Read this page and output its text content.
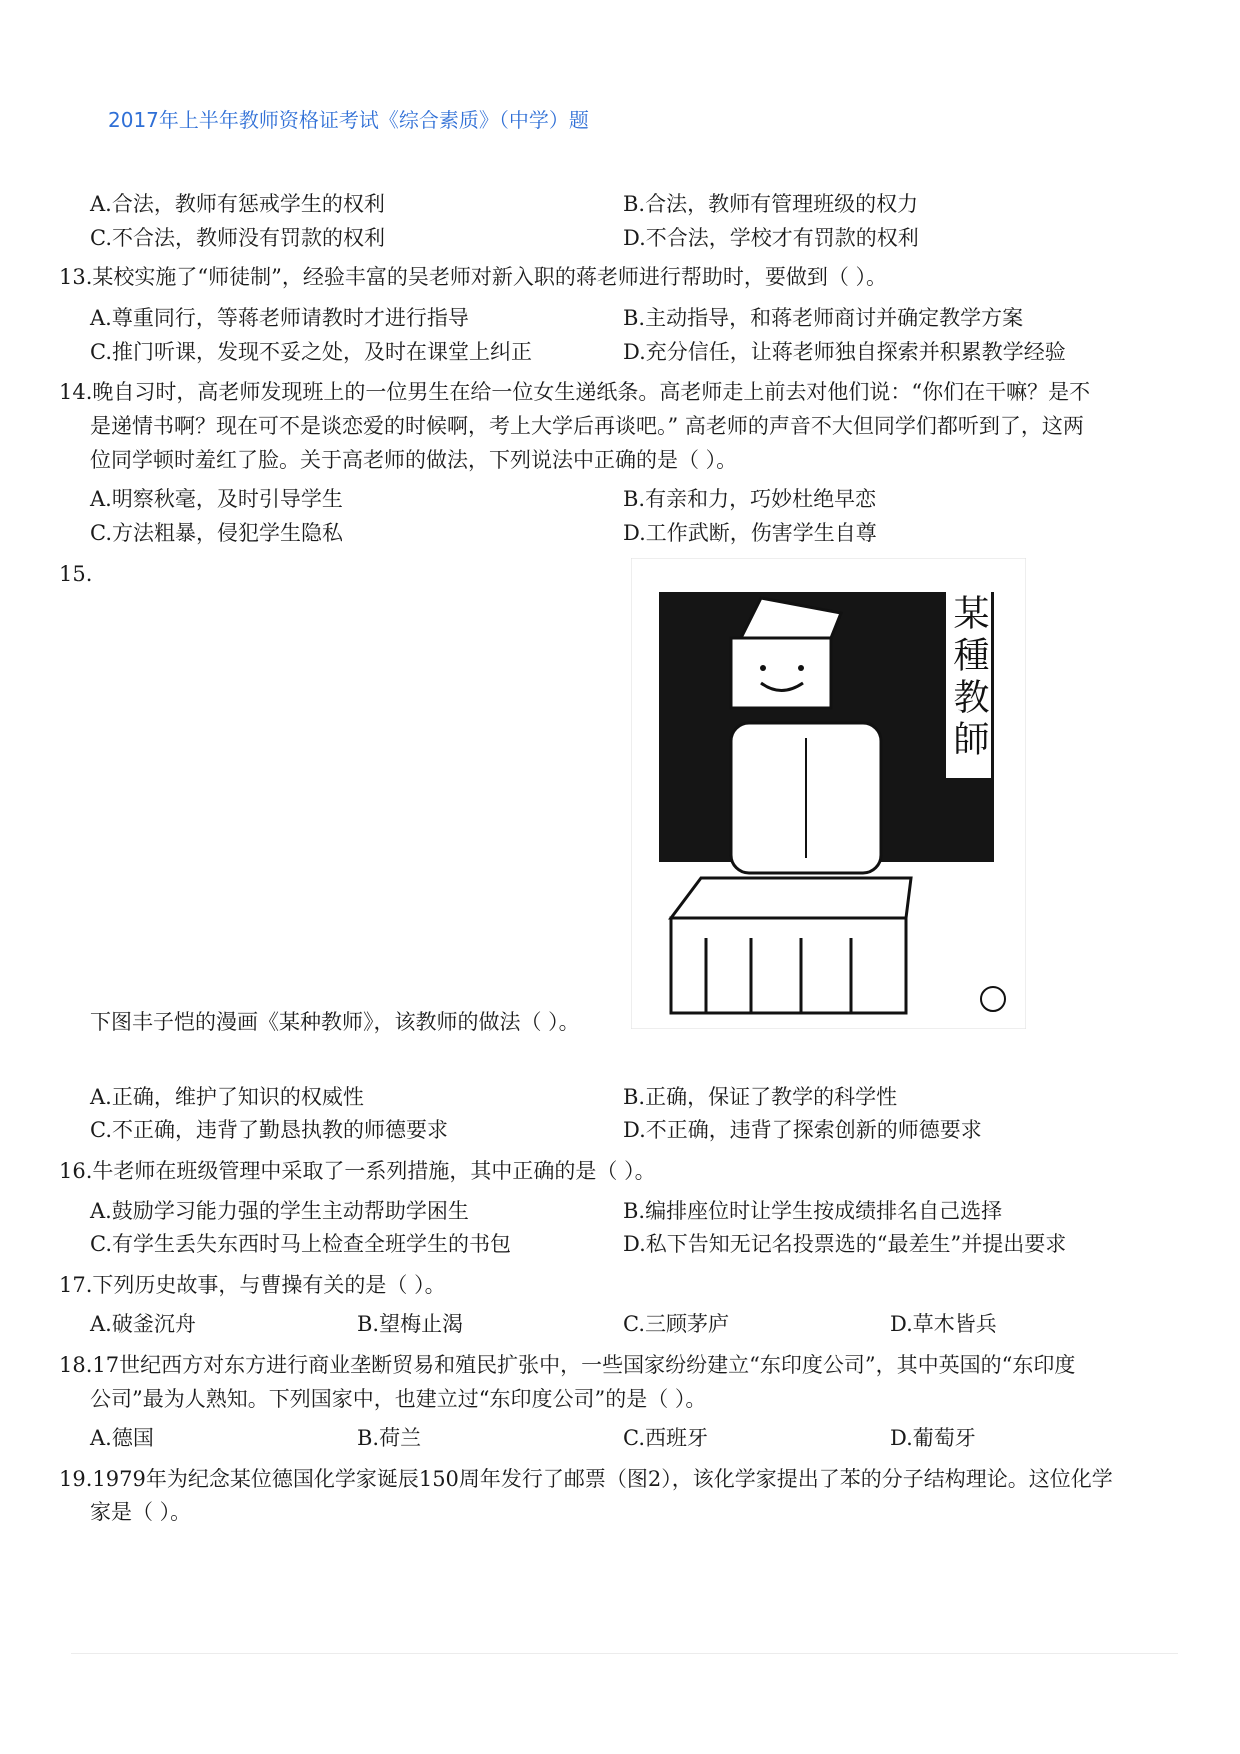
2017年上半年教师资格证考试《综合素质》（中学）题
A.合法，教师有惩戒学生的权利	B.合法，教师有管理班级的权力
C.不合法，教师没有罚款的权利	D.不合法，学校才有罚款的权利
13.某校实施了“师徒制”，经验丰富的吴老师对新入职的蒋老师进行帮助时，要做到（ ）。
A.尊重同行，等蒋老师请教时才进行指导	B.主动指导，和蒋老师商讨并确定教学方案
C.推门听课，发现不妥之处，及时在课堂上纠正	D.充分信任，让蒋老师独自探索并积累教学经验
14.晚自习时，高老师发现班上的一位男生在给一位女生递纸条。高老师走上前去对他们说：“你们在干嘛？是不
是递情书啊？现在可不是谈恋爱的时候啊，考上大学后再谈吧。” 高老师的声音不大但同学们都听到了，这两
位同学顿时羞红了脸。关于高老师的做法，下列说法中正确的是（ ）。
A.明察秋毫，及时引导学生	B.有亲和力，巧妙杜绝早恋
C.方法粗暴，侵犯学生隐私	D.工作武断，伤害学生自尊
15.
某種教師
下图丰子恺的漫画《某种教师》，该教师的做法（ ）。
A.正确，维护了知识的权威性	B.正确，保证了教学的科学性
C.不正确，违背了勤恳执教的师德要求	D.不正确，违背了探索创新的师德要求
16.牛老师在班级管理中采取了一系列措施，其中正确的是（ ）。
A.鼓励学习能力强的学生主动帮助学困生	B.编排座位时让学生按成绩排名自己选择
C.有学生丢失东西时马上检查全班学生的书包	D.私下告知无记名投票选的“最差生”并提出要求
17.下列历史故事，与曹操有关的是（ ）。
A.破釜沉舟	B.望梅止渴	C.三顾茅庐	D.草木皆兵
18.17世纪西方对东方进行商业垄断贸易和殖民扩张中，一些国家纷纷建立“东印度公司”，其中英国的“东印度
公司”最为人熟知。下列国家中，也建立过“东印度公司”的是（ ）。
A.德国	B.荷兰	C.西班牙	D.葡萄牙
19.1979年为纪念某位德国化学家诞辰150周年发行了邮票（图2），该化学家提出了苯的分子结构理论。这位化学
家是（ ）。
